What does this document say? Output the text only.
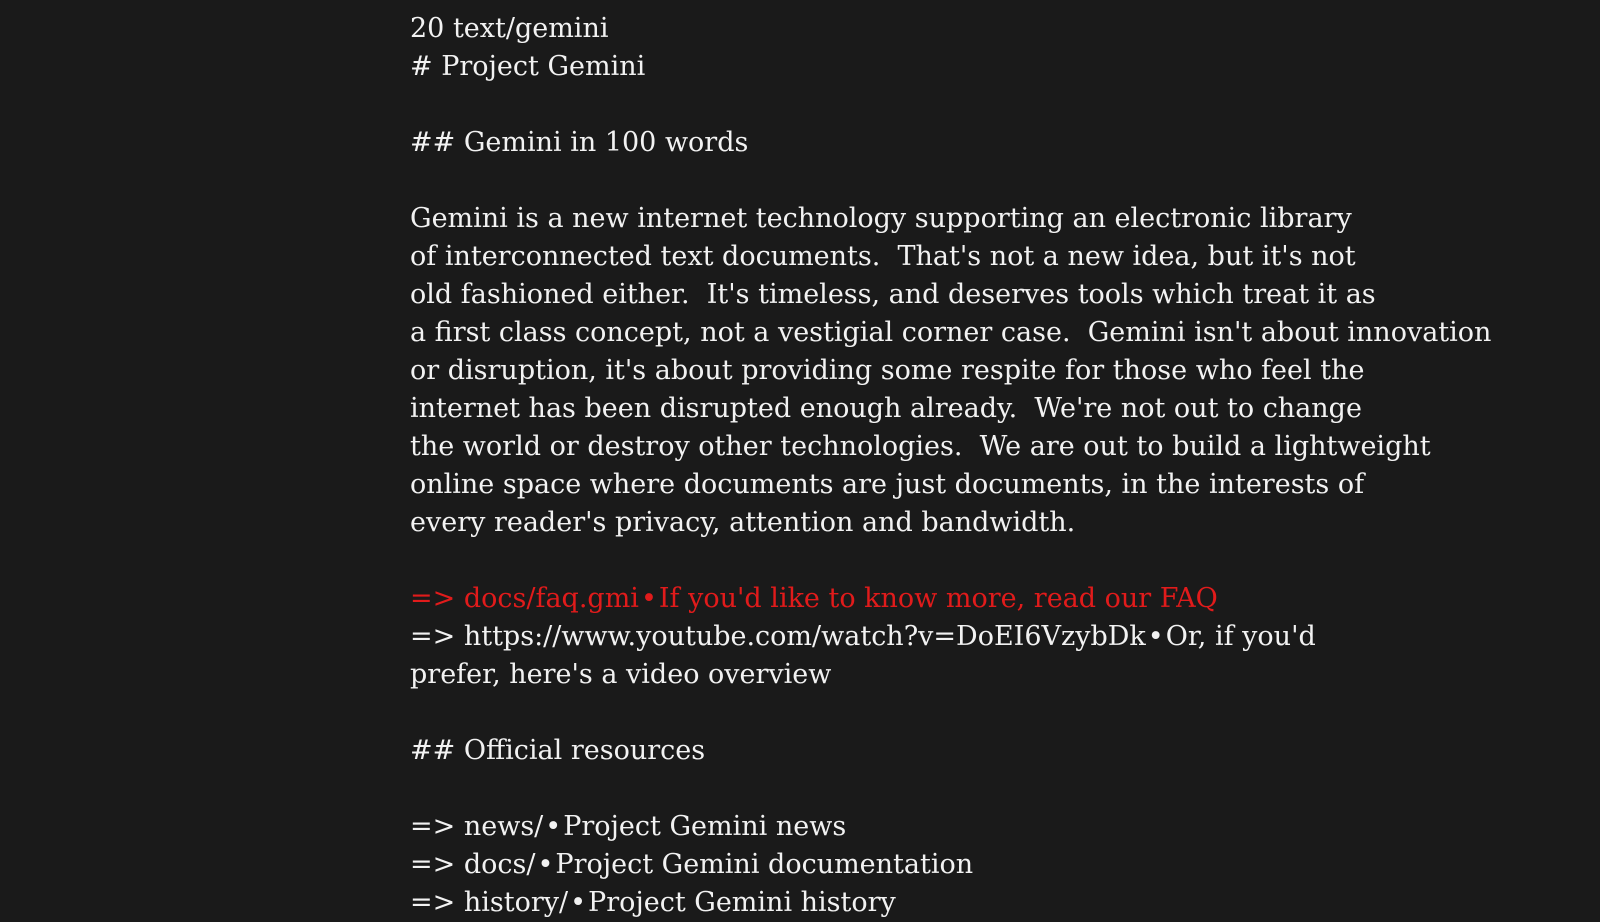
20 text/gemini
# Project Gemini
## Gemini in 100 words
Gemini is a new internet technology supporting an electronic library
of interconnected text documents.  That's not a new idea, but it's not
old fashioned either.  It's timeless, and deserves tools which treat it as
a first class concept, not a vestigial corner case.  Gemini isn't about innovation
or disruption, it's about providing some respite for those who feel the
internet has been disrupted enough already.  We're not out to change
the world or destroy other technologies.  We are out to build a lightweight
online space where documents are just documents, in the interests of
every reader's privacy, attention and bandwidth.
=> docs/faq.gmi•If you'd like to know more, read our FAQ
=> https://www.youtube.com/watch?v=DoEI6VzybDk•Or, if you'd prefer, here's a video overview
## Official resources
=> news/•Project Gemini news
=> docs/•Project Gemini documentation
=> history/•Project Gemini history
